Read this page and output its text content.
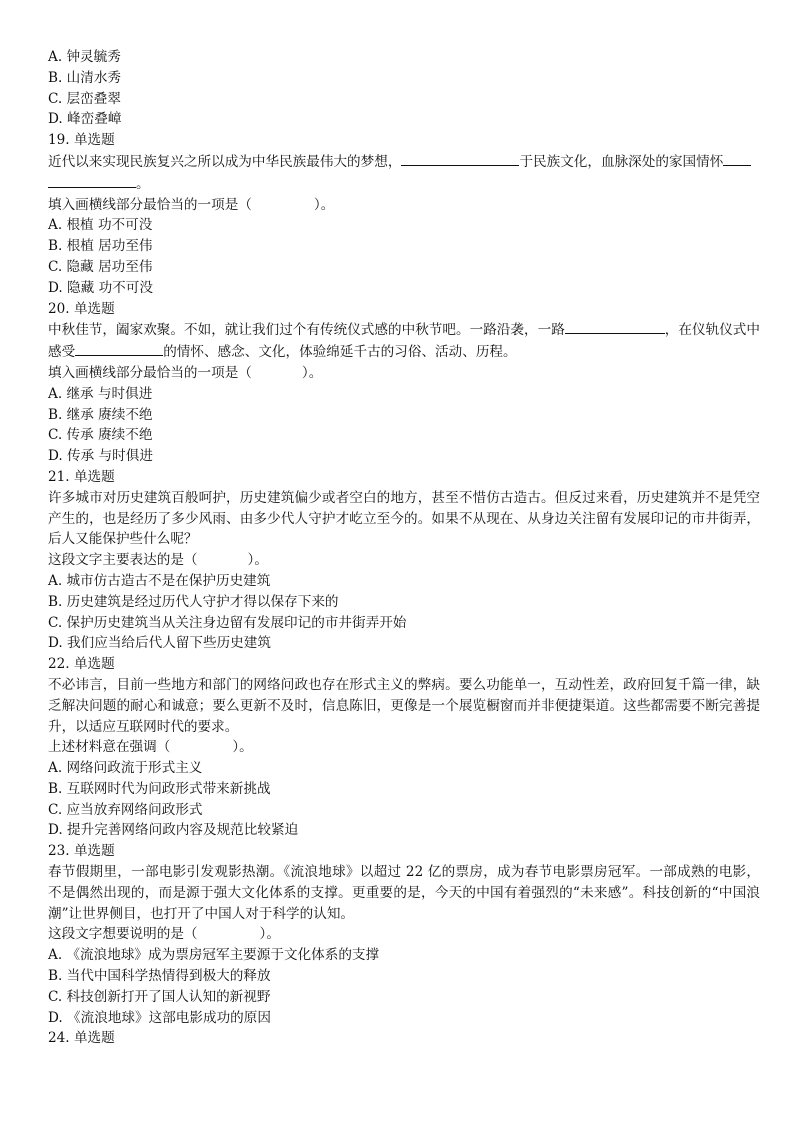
A. 钟灵毓秀
B. 山清水秀
C. 层峦叠翠
D. 峰峦叠嶂
19. 单选题
近代以来实现民族复兴之所以成为中华民族最伟大的梦想，	于民族文化，血脉深处的家国情怀
。
填入画横线部分最恰当的一项是（	）。
A. 根植 功不可没
B. 根植 居功至伟
C. 隐藏 居功至伟
D. 隐藏 功不可没
20. 单选题
中秋佳节，阖家欢聚。不如，就让我们过个有传统仪式感的中秋节吧。一路沿袭，一路	，在仪轨仪式中感受	的情怀、感念、文化，体验绵延千古的习俗、活动、历程。
填入画横线部分最恰当的一项是（	）。
A. 继承 与时俱进
B. 继承 赓续不绝
C. 传承 赓续不绝
D. 传承 与时俱进
21. 单选题
许多城市对历史建筑百般呵护，历史建筑偏少或者空白的地方，甚至不惜仿古造古。但反过来看，历史建筑并不是凭空产生的，也是经历了多少风雨、由多少代人守护才屹立至今的。如果不从现在、从身边关注留有发展印记的市井街弄，后人又能保护些什么呢？
这段文字主要表达的是（	）。
A. 城市仿古造古不是在保护历史建筑
B. 历史建筑是经过历代人守护才得以保存下来的
C. 保护历史建筑当从关注身边留有发展印记的市井街弄开始
D. 我们应当给后代人留下些历史建筑
22. 单选题
不必讳言，目前一些地方和部门的网络问政也存在形式主义的弊病。要么功能单一，互动性差，政府回复千篇一律，缺乏解决问题的耐心和诚意；要么更新不及时，信息陈旧，更像是一个展览橱窗而并非便捷渠道。这些都需要不断完善提升，以适应互联网时代的要求。
上述材料意在强调（	）。
A. 网络问政流于形式主义
B. 互联网时代为问政形式带来新挑战
C. 应当放弃网络问政形式
D. 提升完善网络问政内容及规范比较紧迫
23. 单选题
春节假期里，一部电影引发观影热潮。《流浪地球》以超过 22 亿的票房，成为春节电影票房冠军。一部成熟的电影，不是偶然出现的，而是源于强大文化体系的支撑。更重要的是，今天的中国有着强烈的“未来感”。科技创新的“中国浪潮”让世界侧目，也打开了中国人对于科学的认知。
这段文字想要说明的是（	）。
A. 《流浪地球》成为票房冠军主要源于文化体系的支撑
B. 当代中国科学热情得到极大的释放
C. 科技创新打开了国人认知的新视野
D. 《流浪地球》这部电影成功的原因
24. 单选题
